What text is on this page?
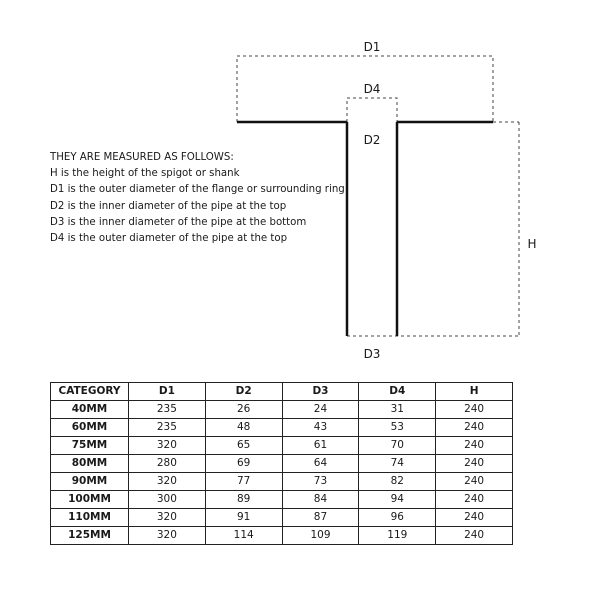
D1
D4
D2
H
D3
THEY ARE MEASURED AS FOLLOWS:
H is the height of the spigot or shank
D1 is the outer diameter of the flange or surrounding ring
D2 is the inner diameter of the pipe at the top
D3 is the inner diameter of the pipe at the bottom
D4 is the outer diameter of the pipe at the top
CATEGORY	D1	D2	D3	D4	H
40MM	235	26	24	31	240
60MM	235	48	43	53	240
75MM	320	65	61	70	240
80MM	280	69	64	74	240
90MM	320	77	73	82	240
100MM	300	89	84	94	240
110MM	320	91	87	96	240
125MM	320	114	109	119	240
